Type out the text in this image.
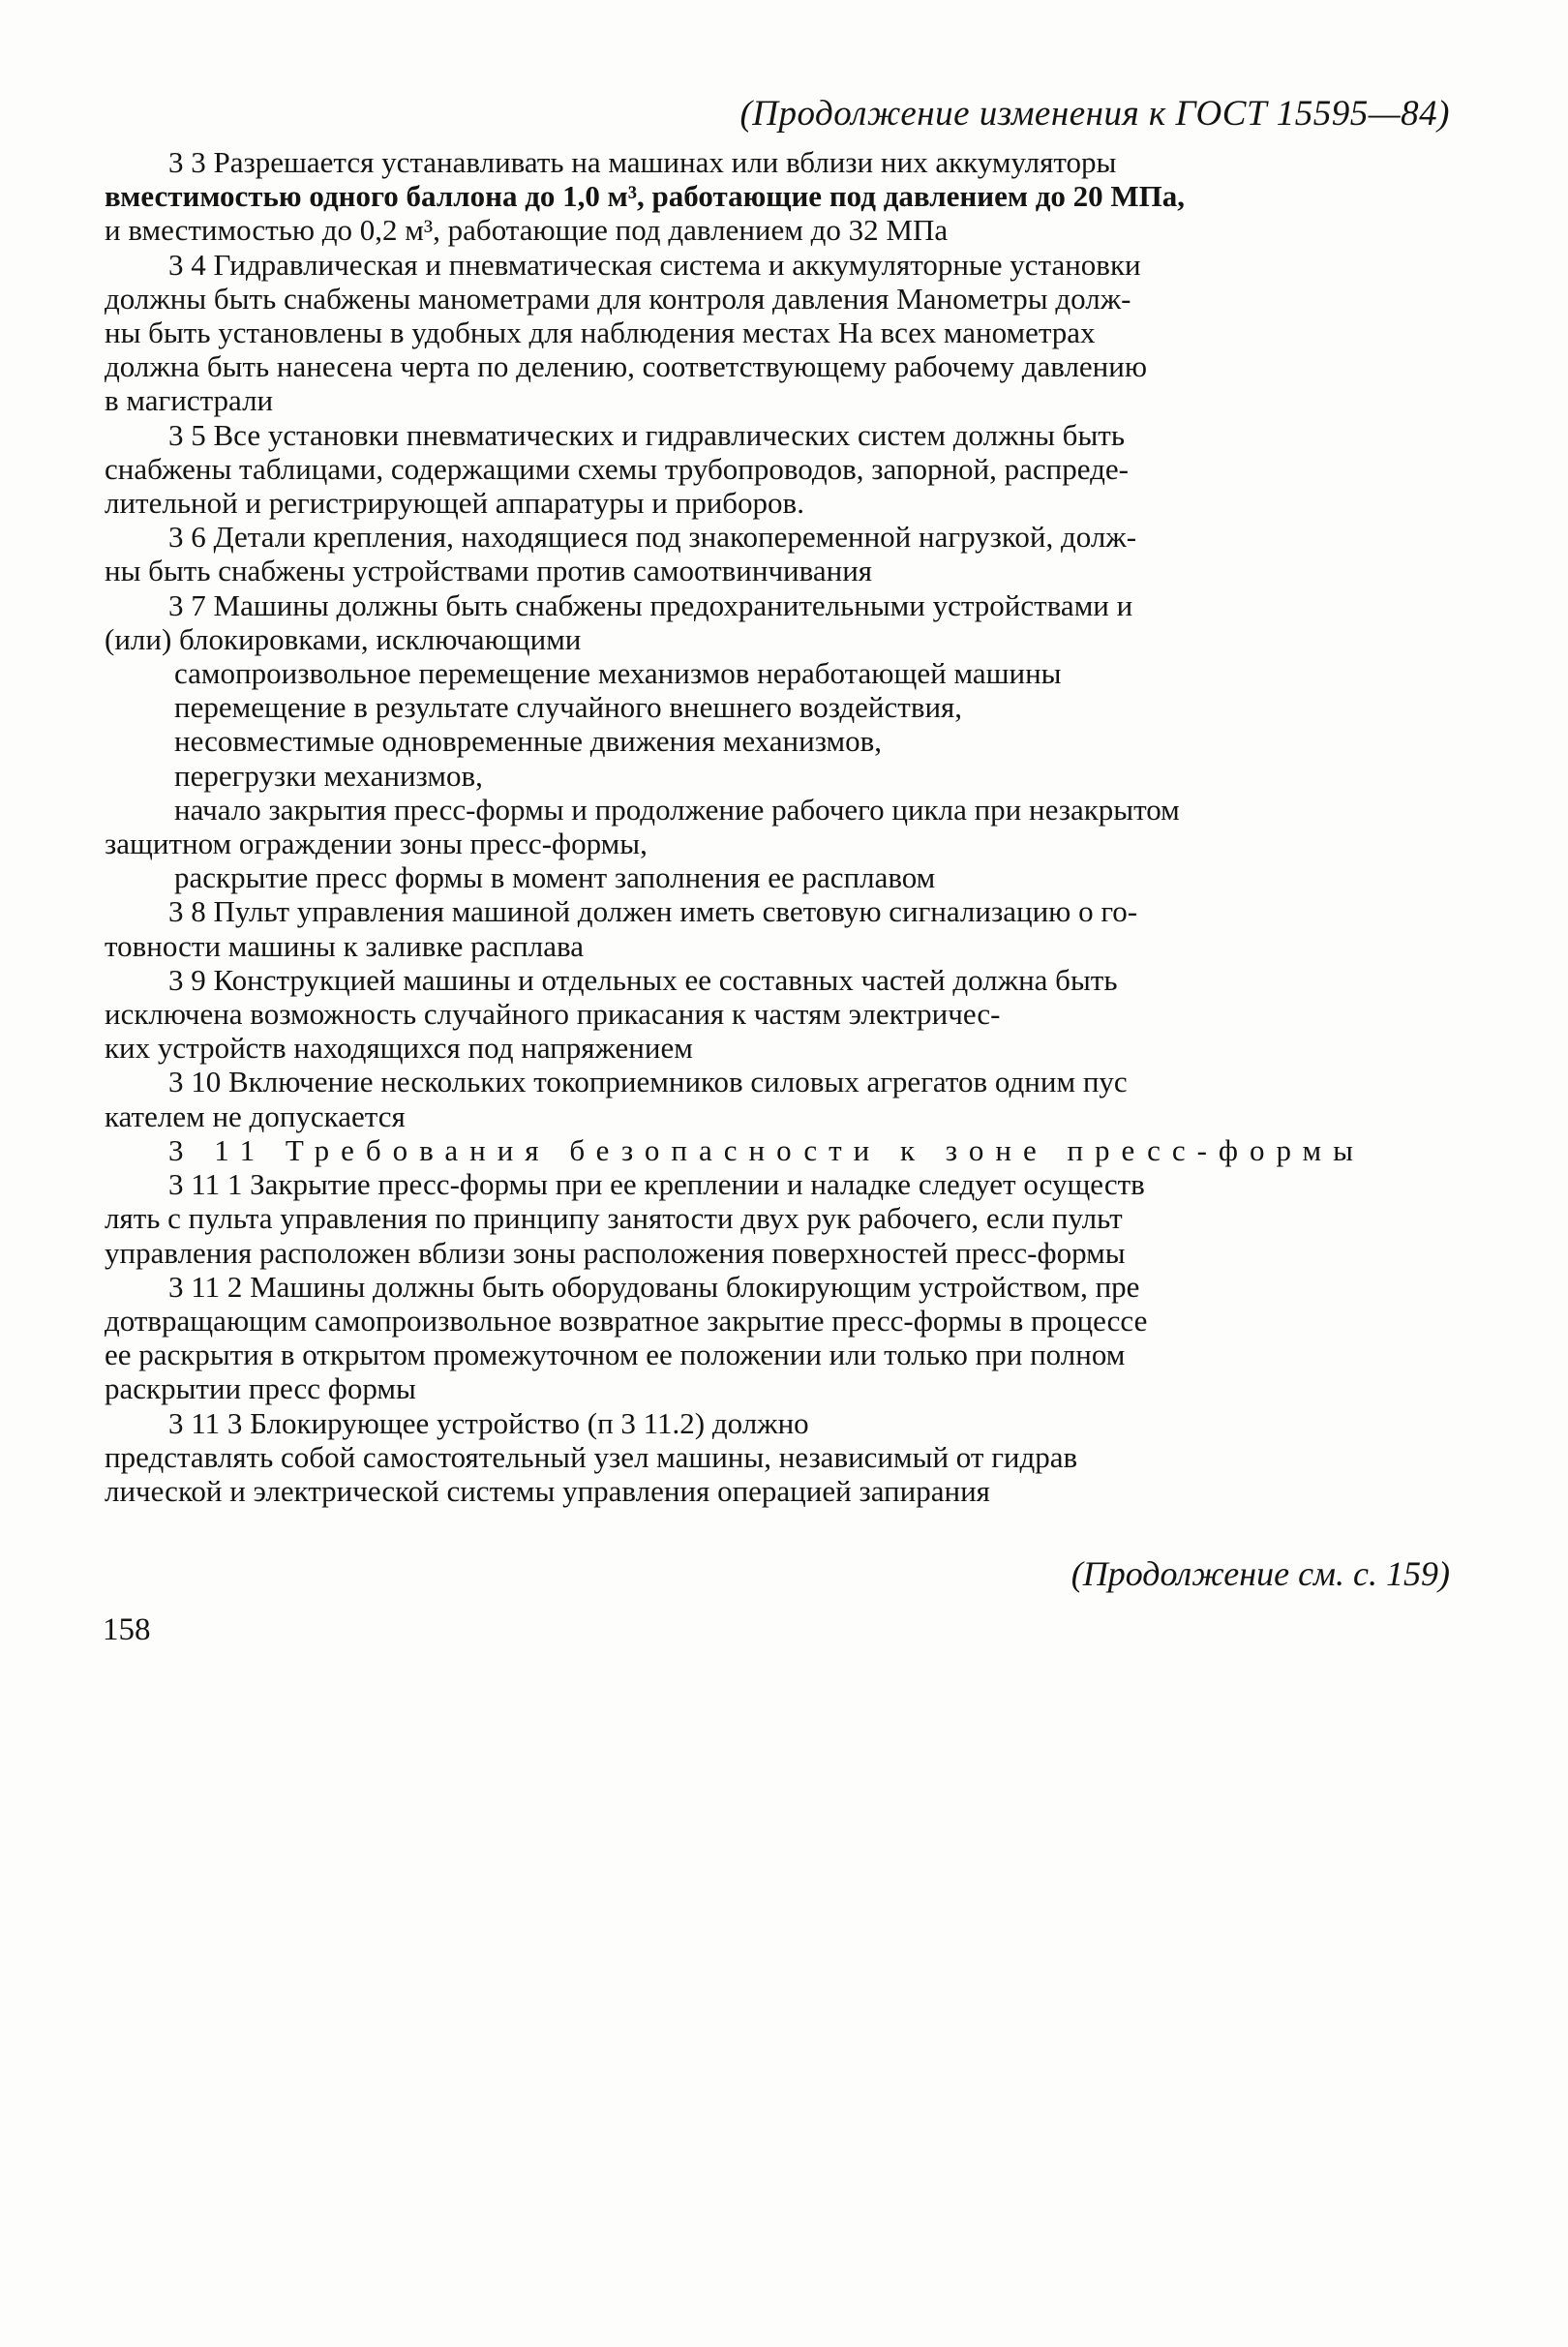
(Продолжение изменения к ГОСТ 15595—84)
3 3 Разрешается устанавливать на машинах или вблизи них аккумуляторы
вместимостью одного баллона до 1,0 м³, работающие под давлением до 20 МПа,
и вместимостью до 0,2 м³, работающие под давлением до 32 МПа
3 4 Гидравлическая и пневматическая система и аккумуляторные установки
должны быть снабжены манометрами для контроля давления Манометры долж-
ны быть установлены в удобных для наблюдения местах На всех манометрах
должна быть нанесена черта по делению, соответствующему рабочему давлению
в магистрали
3 5 Все установки пневматических и гидравлических систем должны быть
снабжены таблицами, содержащими схемы трубопроводов, запорной, распреде-
лительной и регистрирующей аппаратуры и приборов.
3 6 Детали крепления, находящиеся под знакопеременной нагрузкой, долж-
ны быть снабжены устройствами против самоотвинчивания
3 7 Машины должны быть снабжены предохранительными устройствами и
(или) блокировками, исключающими
самопроизвольное перемещение механизмов неработающей машины
перемещение в результате случайного внешнего воздействия,
несовместимые одновременные движения механизмов,
перегрузки механизмов,
начало закрытия пресс-формы и продолжение рабочего цикла при незакрытом
защитном ограждении зоны пресс-формы,
раскрытие пресс формы в момент заполнения ее расплавом
3 8 Пульт управления машиной должен иметь световую сигнализацию о го-
товности машины к заливке расплава
3 9 Конструкцией машины и отдельных ее составных частей должна быть
исключена возможность случайного прикасания к частям электричес-
ких устройств находящихся под напряжением
3 10 Включение нескольких токоприемников силовых агрегатов одним пус
кателем не допускается
3 11 Требования безопасности к зоне пресс-формы
3 11 1 Закрытие пресс-формы при ее креплении и наладке следует осуществ
лять с пульта управления по принципу занятости двух рук рабочего, если пульт
управления расположен вблизи зоны расположения поверхностей пресс-формы
3 11 2 Машины должны быть оборудованы блокирующим устройством, пре
дотвращающим самопроизвольное возвратное закрытие пресс-формы в процессе
ее раскрытия в открытом промежуточном ее положении или только при полном
раскрытии пресс формы
3 11 3 Блокирующее устройство (п 3 11.2) должно
представлять собой самостоятельный узел машины, независимый от гидрав
лической и электрической системы управления операцией запирания
(Продолжение см. с. 159)
158
